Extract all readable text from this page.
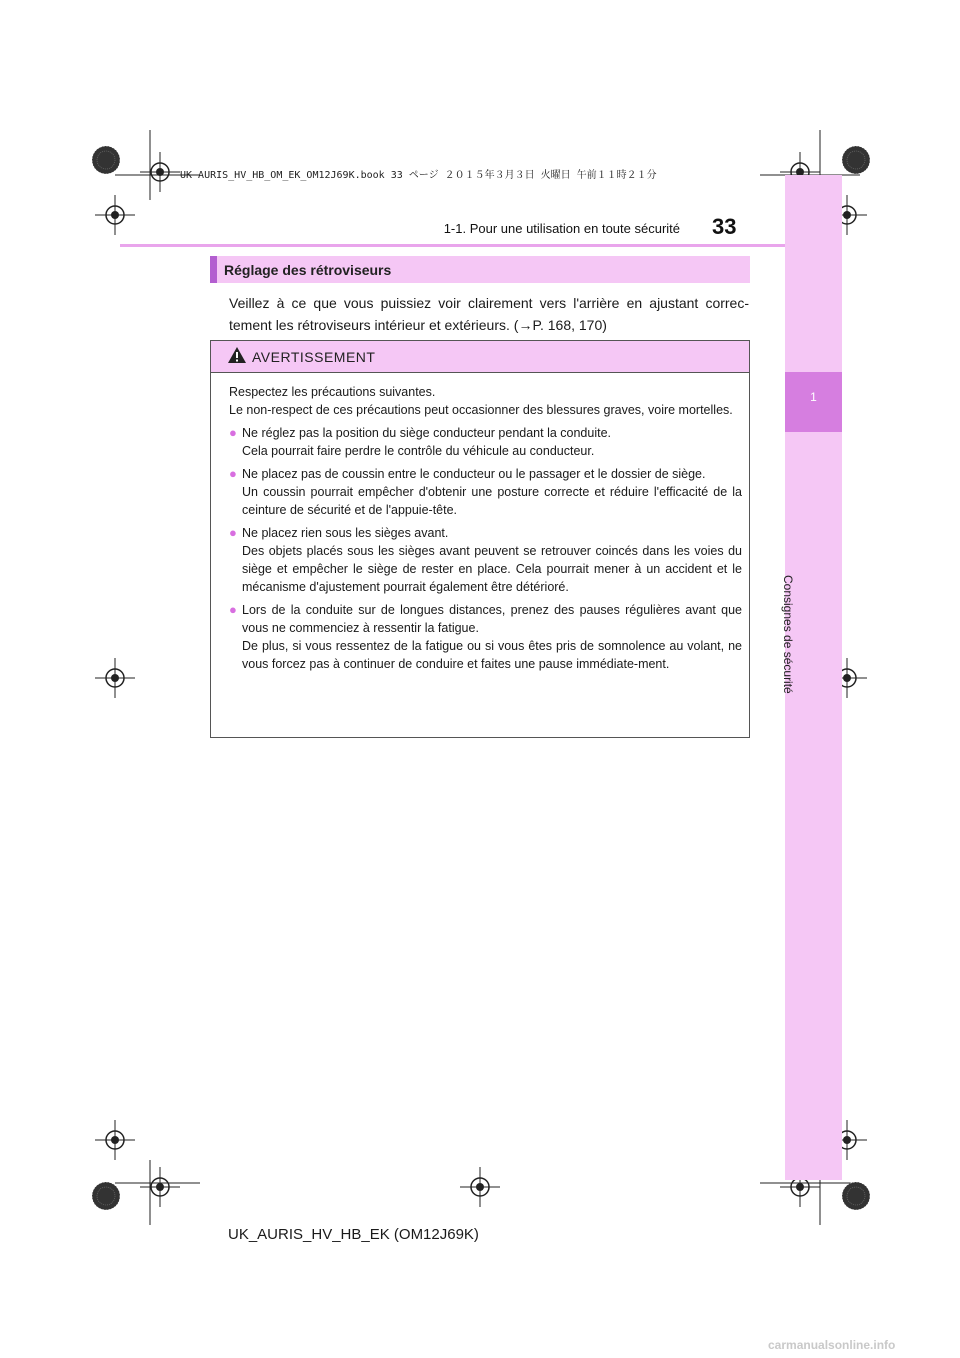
UK AURIS_HV_HB_OM_EK_OM12J69K.book 33 ページ ２０１５年３月３日 火曜日 午前１１時２１分
1-1. Pour une utilisation en toute sécurité 33
1
Consignes de sécurité
Réglage des rétroviseurs
Veillez à ce que vous puissiez voir clairement vers l'arrière en ajustant correc-tement les rétroviseurs intérieur et extérieurs. (→P. 168, 170)
AVERTISSEMENT

Respectez les précautions suivantes.

Le non-respect de ces précautions peut occasionner des blessures graves, voire mortelles.

● Ne réglez pas la position du siège conducteur pendant la conduite.
Cela pourrait faire perdre le contrôle du véhicule au conducteur.
● Ne placez pas de coussin entre le conducteur ou le passager et le dossier de siège.
Un coussin pourrait empêcher d'obtenir une posture correcte et réduire l'efficacité de la ceinture de sécurité et de l'appuie-tête.
● Ne placez rien sous les sièges avant.
Des objets placés sous les sièges avant peuvent se retrouver coincés dans les voies du siège et empêcher le siège de rester en place. Cela pourrait mener à un accident et le mécanisme d'ajustement pourrait également être détérioré.
● Lors de la conduite sur de longues distances, prenez des pauses régulières avant que vous ne commenciez à ressentir la fatigue.
De plus, si vous ressentez de la fatigue ou si vous êtes pris de somnolence au volant, ne vous forcez pas à continuer de conduire et faites une pause immédiate-ment.
UK_AURIS_HV_HB_EK (OM12J69K)
carmanualsonline.info
